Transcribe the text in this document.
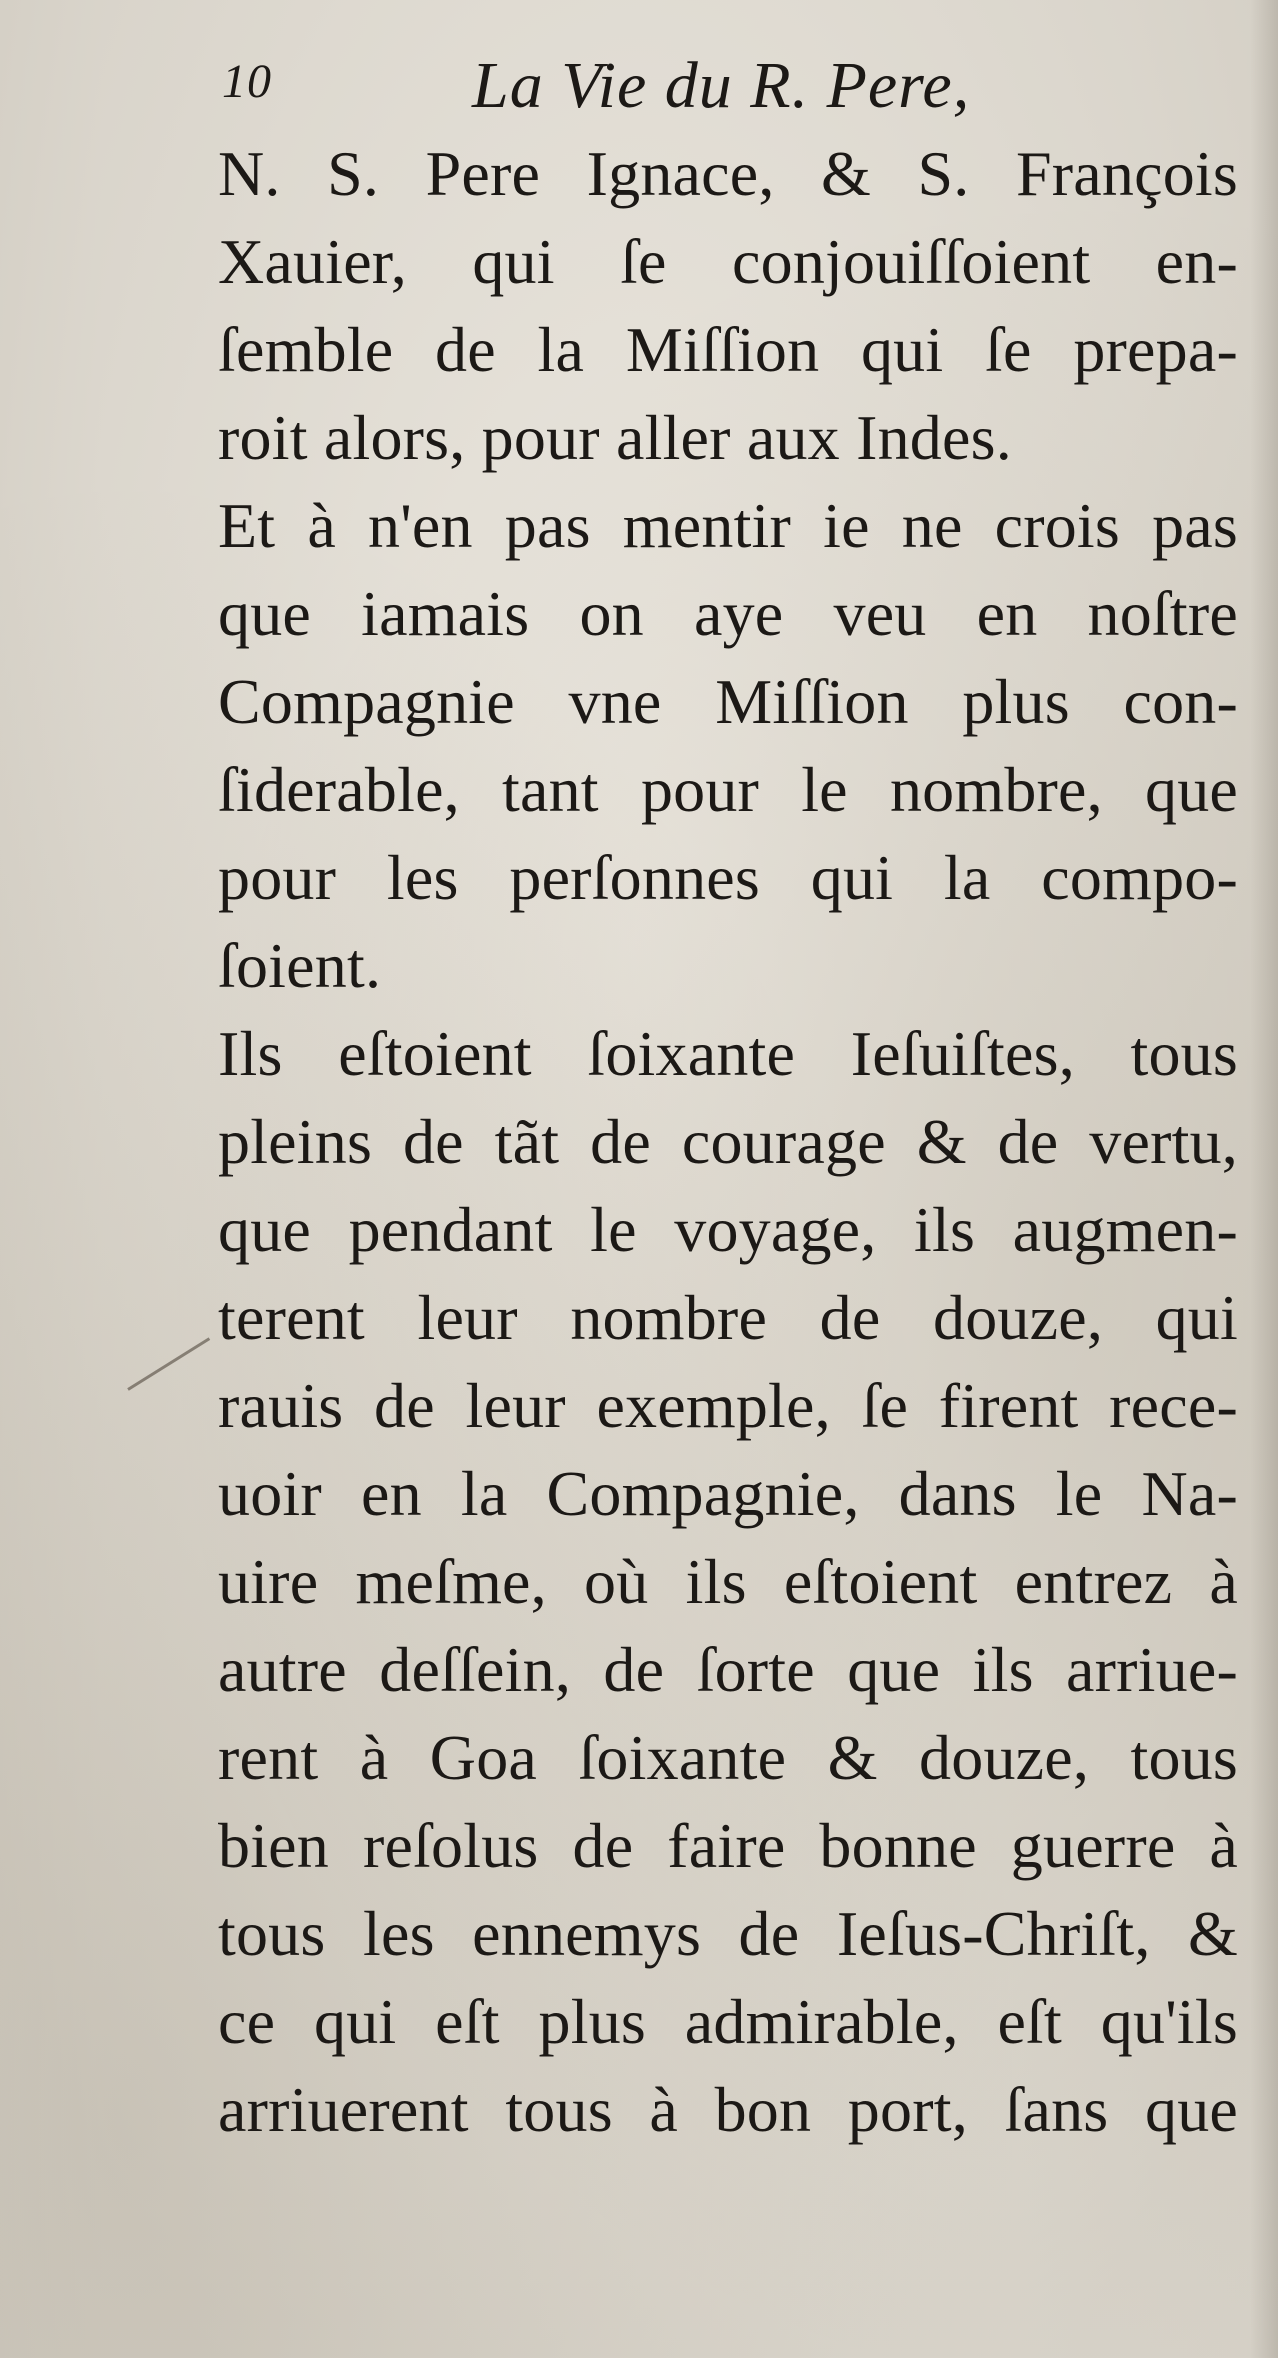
10	La Vie du R. Pere,
N. S. Pere Ignace, & S. François
Xauier, qui ſe conjouiſſoient en-
ſemble de la Miſſion qui ſe prepa-
roit alors, pour aller aux Indes.
Et à n'en pas mentir ie ne crois pas
que iamais on aye veu en noſtre
Compagnie vne Miſſion plus con-
ſiderable, tant pour le nombre, que
pour les perſonnes qui la compo-
ſoient.
Ils eſtoient ſoixante Ieſuiſtes, tous
pleins de tãt de courage & de vertu,
que pendant le voyage, ils augmen-
terent leur nombre de douze, qui
rauis de leur exemple, ſe firent rece-
uoir en la Compagnie, dans le Na-
uire meſme, où ils eſtoient entrez à
autre deſſein, de ſorte que ils arriue-
rent à Goa ſoixante & douze, tous
bien reſolus de faire bonne guerre à
tous les ennemys de Ieſus-Chriſt, &
ce qui eſt plus admirable, eſt qu'ils
arriuerent tous à bon port, ſans que
